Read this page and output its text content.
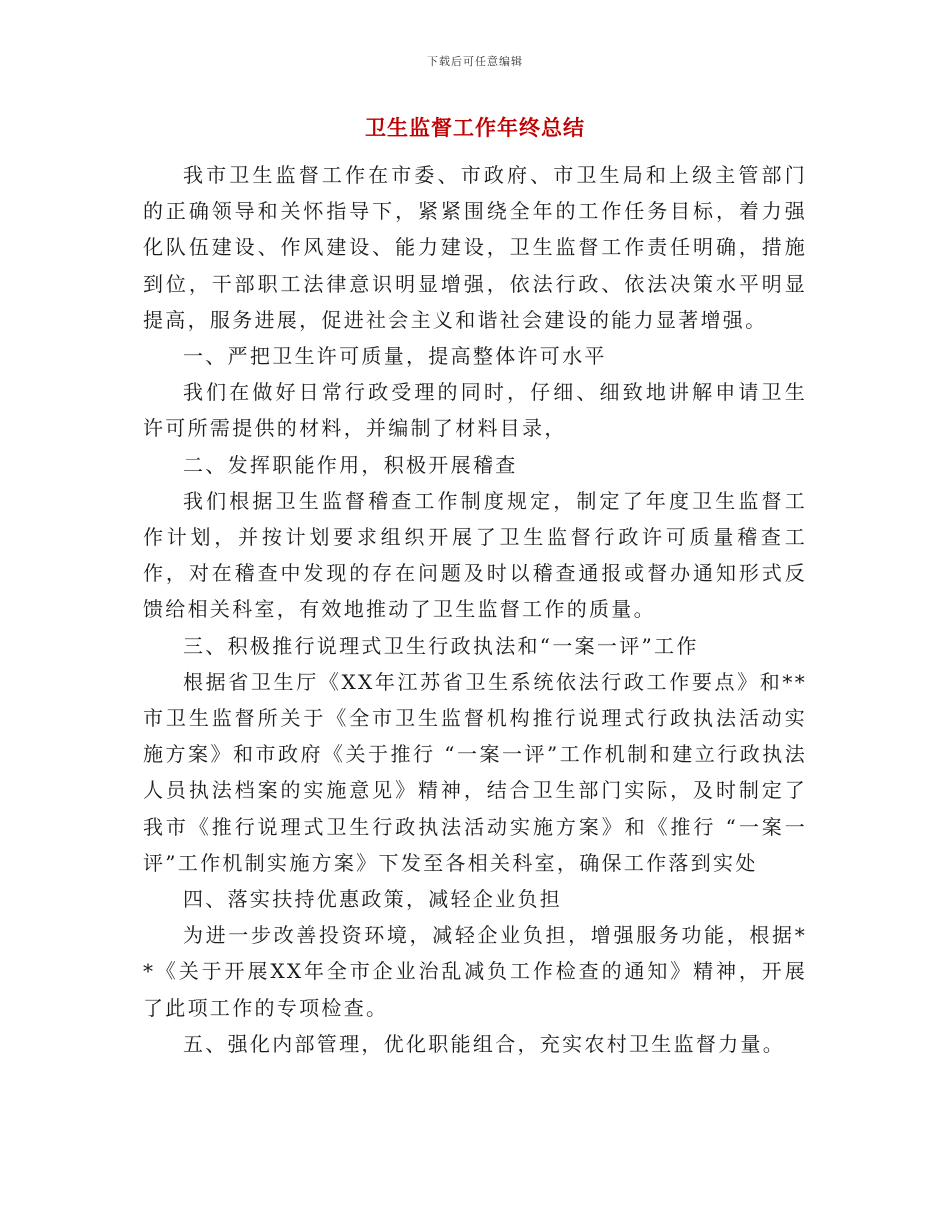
下载后可任意编辑
卫生监督工作年终总结

我市卫生监督工作在市委、市政府、市卫生局和上级主管部门的正确领导和关怀指导下，紧紧围绕全年的工作任务目标，着力强化队伍建设、作风建设、能力建设，卫生监督工作责任明确，措施到位，干部职工法律意识明显增强，依法行政、依法决策水平明显提高，服务进展，促进社会主义和谐社会建设的能力显著增强。

一、严把卫生许可质量，提高整体许可水平

我们在做好日常行政受理的同时，仔细、细致地讲解申请卫生许可所需提供的材料，并编制了材料目录，

二、发挥职能作用，积极开展稽查

我们根据卫生监督稽查工作制度规定，制定了年度卫生监督工作计划，并按计划要求组织开展了卫生监督行政许可质量稽查工作，对在稽查中发现的存在问题及时以稽查通报或督办通知形式反馈给相关科室，有效地推动了卫生监督工作的质量。

三、积极推行说理式卫生行政执法和“一案一评”工作

根据省卫生厅《XX年江苏省卫生系统依法行政工作要点》和**市卫生监督所关于《全市卫生监督机构推行说理式行政执法活动实施方案》和市政府《关于推行 “一案一评”工作机制和建立行政执法人员执法档案的实施意见》精神，结合卫生部门实际，及时制定了我市《推行说理式卫生行政执法活动实施方案》和《推行 “一案一评”工作机制实施方案》下发至各相关科室，确保工作落到实处

四、落实扶持优惠政策，减轻企业负担

为进一步改善投资环境，减轻企业负担，增强服务功能，根据**《关于开展XX年全市企业治乱减负工作检查的通知》精神，开展了此项工作的专项检查。

五、强化内部管理，优化职能组合，充实农村卫生监督力量。
